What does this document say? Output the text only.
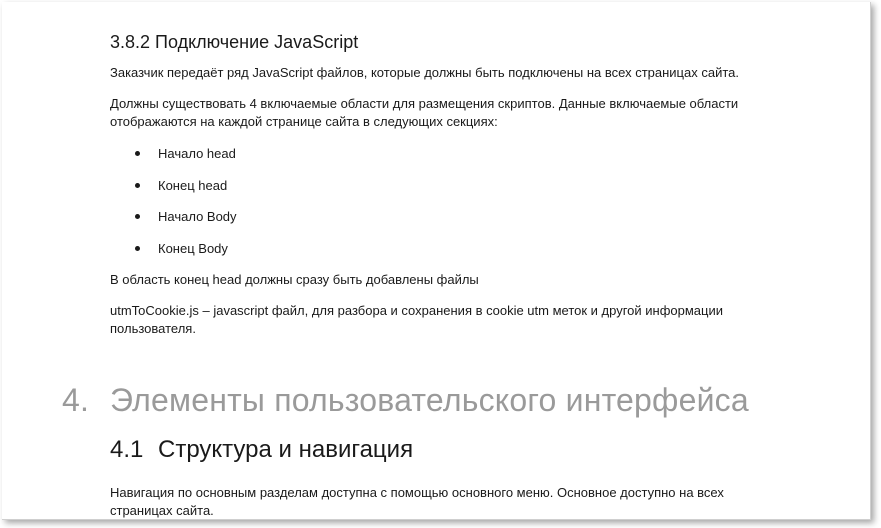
3.8.2 Подключение JavaScript
Заказчик передаёт ряд JavaScript файлов, которые должны быть подключены на всех страницах сайта.
Должны существовать 4 включаемые области для размещения скриптов. Данные включаемые области отображаются на каждой странице сайта в следующих секциях:
Начало head
Конец head
Начало Body
Конец Body
В область конец head должны сразу быть добавлены файлы
utmToCookie.js – javascript файл, для разбора и сохранения в cookie utm меток и другой информации пользователя.
4. Элементы пользовательского интерфейса
4.1 Структура и навигация
Навигация по основным разделам доступна с помощью основного меню. Основное доступно на всех страницах сайта.
